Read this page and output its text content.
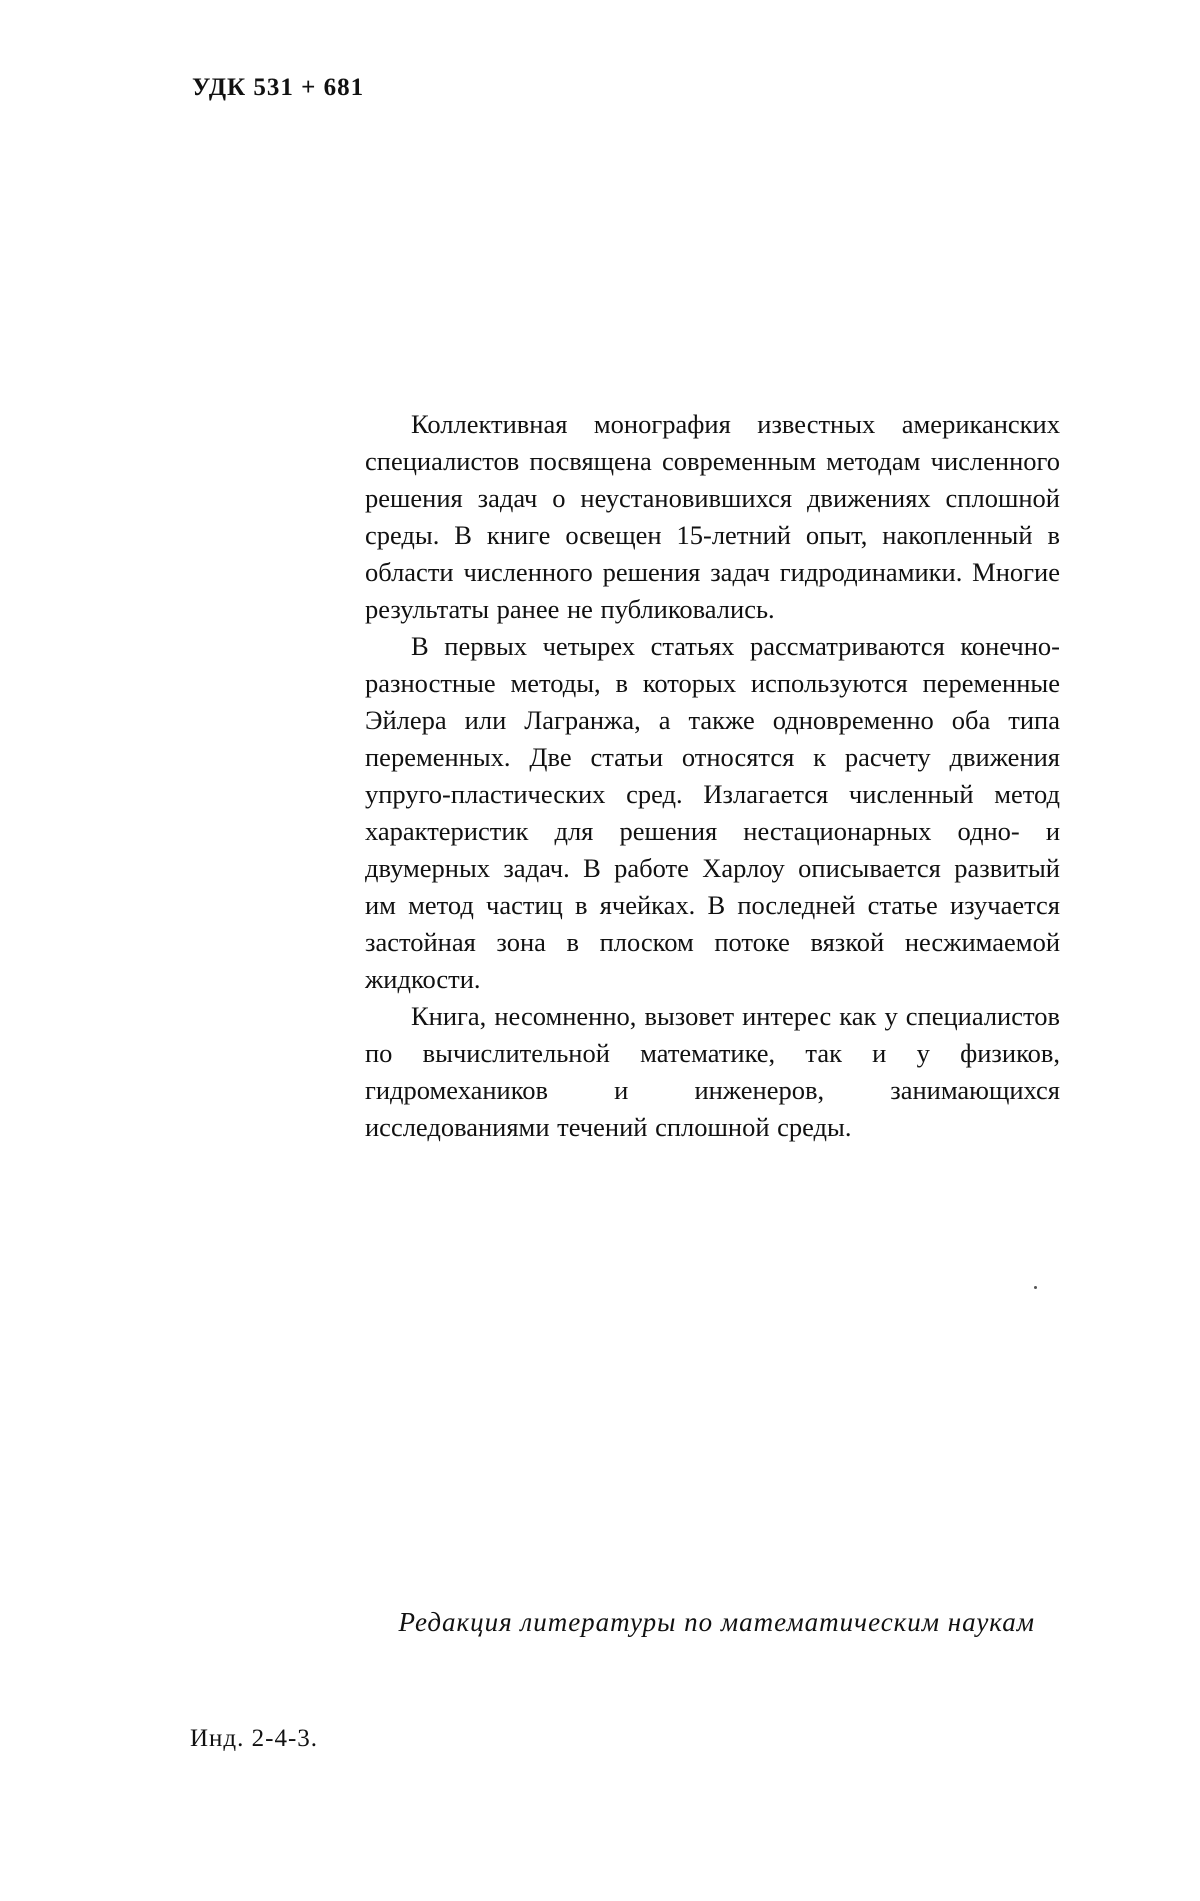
УДК 531 + 681

Коллективная монография известных американских специалистов посвящена современным методам численного решения задач о неустановившихся движениях сплошной среды. В книге освещен 15-летний опыт, накопленный в области численного решения задач гидродинамики. Многие результаты ранее не публиковались.

В первых четырех статьях рассматриваются конечно-разностные методы, в которых используются переменные Эйлера или Лагранжа, а также одновременно оба типа переменных. Две статьи относятся к расчету движения упруго-пластических сред. Излагается численный метод характеристик для решения нестационарных одно- и двумерных задач. В работе Харлоу описывается развитый им метод частиц в ячейках. В последней статье изучается застойная зона в плоском потоке вязкой несжимаемой жидкости.

Книга, несомненно, вызовет интерес как у специалистов по вычислительной математике, так и у физиков, гидромехаников и инженеров, занимающихся исследованиями течений сплошной среды.

Редакция литературы по математическим наукам

Инд. 2-4-3.
